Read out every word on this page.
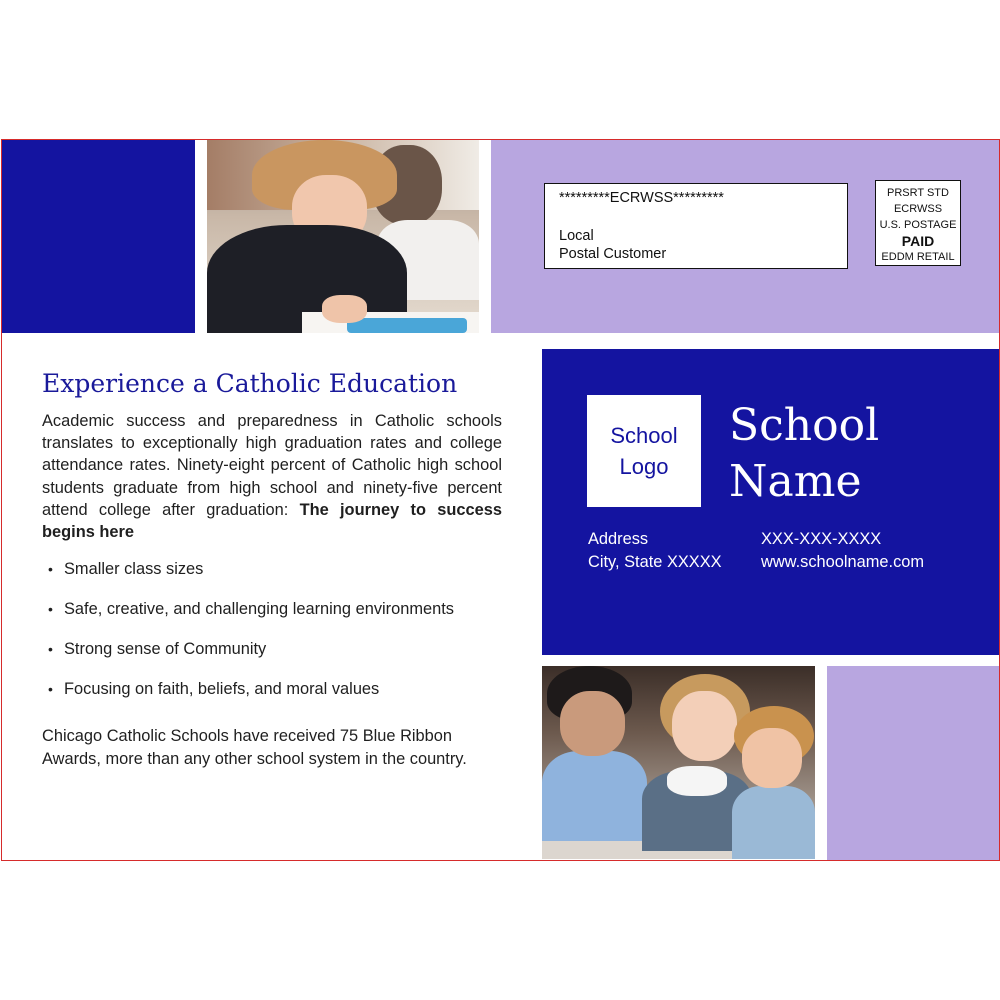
*********ECRWSS*********
Local
Postal Customer
PRSRT STD
ECRWSS
U.S. POSTAGE
PAID
EDDM RETAIL
Experience a Catholic Education
Academic success and preparedness in Catholic schools translates to exceptionally high graduation rates and college attendance rates. Ninety-eight percent of Catholic high school students graduate from high school and ninety-five percent attend college after graduation: The journey to success begins here
• Smaller class sizes
• Safe, creative, and challenging learning environments
• Strong sense of Community
• Focusing on faith, beliefs, and moral values
Chicago Catholic Schools have received 75 Blue Ribbon Awards, more than any other school system in the country.
School
Logo
School
Name
Address
City, State XXXXX
XXX-XXX-XXXX
www.schoolname.com
